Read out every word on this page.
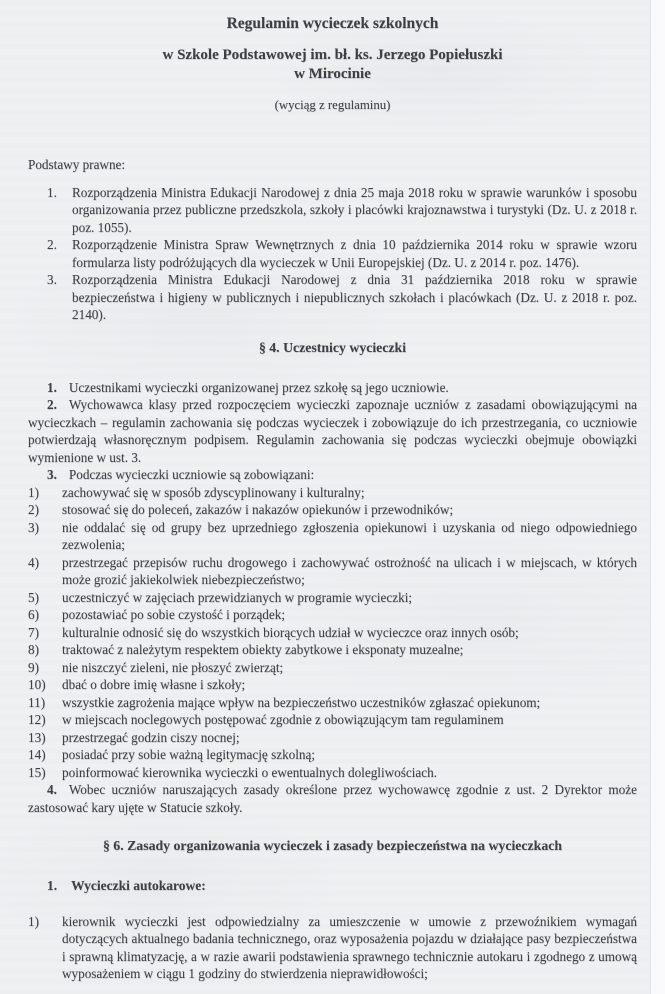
Regulamin wycieczek szkolnych

w Szkole Podstawowej im. bł. ks. Jerzego Popiełuszki

w Mirocinie

(wyciąg z regulaminu)

Podstawy prawne:

1. Rozporządzenia Ministra Edukacji Narodowej z dnia 25 maja 2018 roku w sprawie warunków i sposobu organizowania przez publiczne przedszkola, szkoły i placówki krajoznawstwa i turystyki (Dz. U. z 2018 r. poz. 1055).
2. Rozporządzenie Ministra Spraw Wewnętrznych z dnia 10 października 2014 roku w sprawie wzoru formularza listy podróżujących dla wycieczek w Unii Europejskiej (Dz. U. z 2014 r. poz. 1476).
3. Rozporządzenia Ministra Edukacji Narodowej z dnia 31 października 2018 roku w sprawie bezpieczeństwa i higieny w publicznych i niepublicznych szkołach i placówkach (Dz. U. z 2018 r. poz. 2140).

§ 4. Uczestnicy wycieczki

1. Uczestnikami wycieczki organizowanej przez szkołę są jego uczniowie.

2. Wychowawca klasy przed rozpoczęciem wycieczki zapoznaje uczniów z zasadami obowiązującymi na wycieczkach – regulamin zachowania się podczas wycieczek i zobowiązuje do ich przestrzegania, co uczniowie potwierdzają własnoręcznym podpisem. Regulamin zachowania się podczas wycieczki obejmuje obowiązki wymienione w ust. 3.

3. Podczas wycieczki uczniowie są zobowiązani:

1) zachowywać się w sposób zdyscyplinowany i kulturalny;
2) stosować się do poleceń, zakazów i nakazów opiekunów i przewodników;
3) nie oddalać się od grupy bez uprzedniego zgłoszenia opiekunowi i uzyskania od niego odpowiedniego zezwolenia;
4) przestrzegać przepisów ruchu drogowego i zachowywać ostrożność na ulicach i w miejscach, w których może grozić jakiekolwiek niebezpieczeństwo;
5) uczestniczyć w zajęciach przewidzianych w programie wycieczki;
6) pozostawiać po sobie czystość i porządek;
7) kulturalnie odnosić się do wszystkich biorących udział w wycieczce oraz innych osób;
8) traktować z należytym respektem obiekty zabytkowe i eksponaty muzealne;
9) nie niszczyć zieleni, nie płoszyć zwierząt;
10) dbać o dobre imię własne i szkoły;
11) wszystkie zagrożenia mające wpływ na bezpieczeństwo uczestników zgłaszać opiekunom;
12) w miejscach noclegowych postępować zgodnie z obowiązującym tam regulaminem
13) przestrzegać godzin ciszy nocnej;
14) posiadać przy sobie ważną legitymację szkolną;
15) poinformować kierownika wycieczki o ewentualnych dolegliwościach.

4. Wobec uczniów naruszających zasady określone przez wychowawcę zgodnie z ust. 2 Dyrektor może zastosować kary ujęte w Statucie szkoły.

§ 6. Zasady organizowania wycieczek i zasady bezpieczeństwa na wycieczkach

1. Wycieczki autokarowe:

1) kierownik wycieczki jest odpowiedzialny za umieszczenie w umowie z przewoźnikiem wymagań dotyczących aktualnego badania technicznego, oraz wyposażenia pojazdu w działające pasy bezpieczeństwa i sprawną klimatyzację, a w razie awarii podstawienia sprawnego technicznie autokaru i zgodnego z umową wyposażeniem w ciągu 1 godziny do stwierdzenia nieprawidłowości;
